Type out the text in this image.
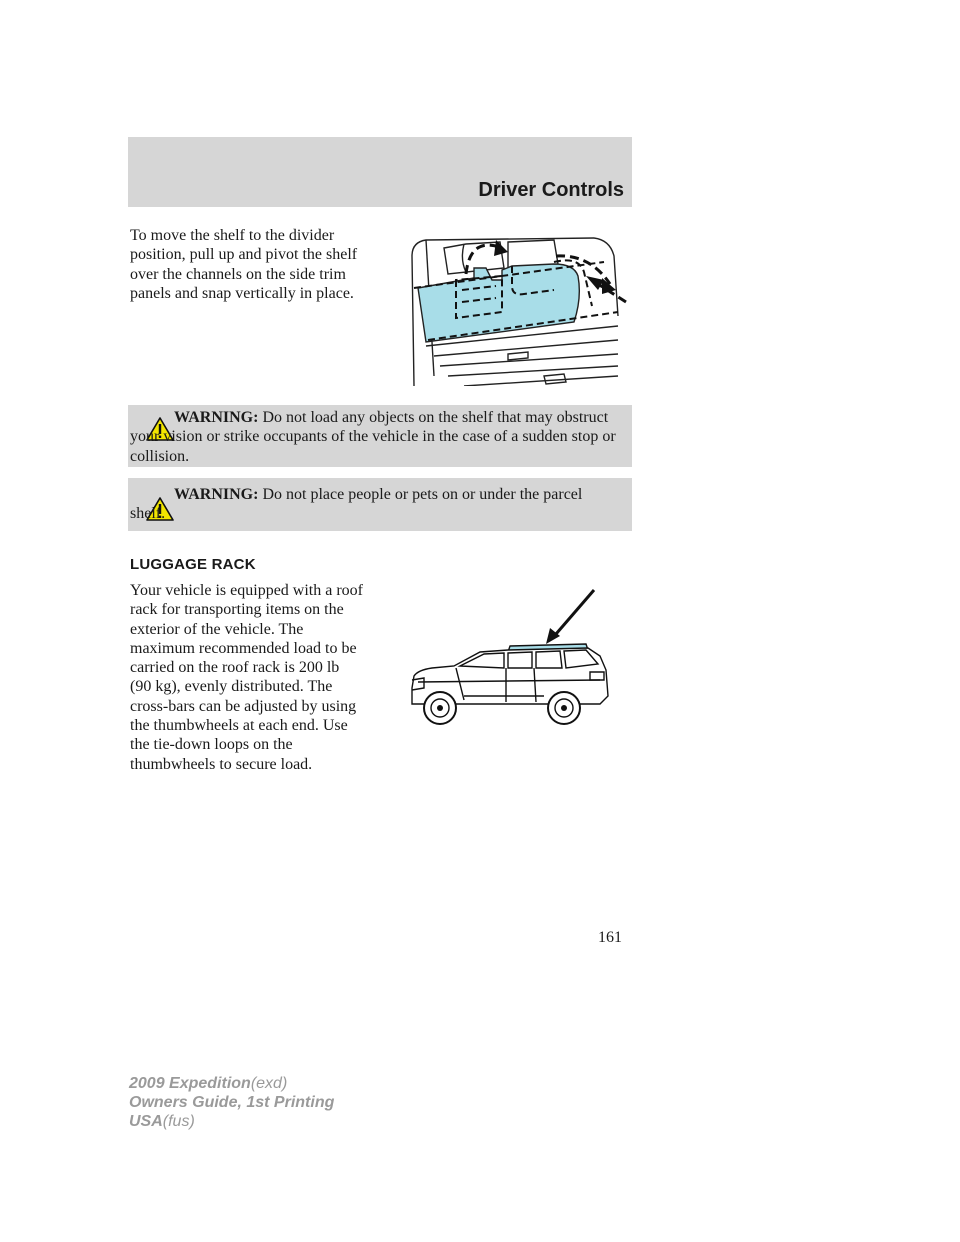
Driver Controls

To move the shelf to the divider
position, pull up and pivot the shelf
over the channels on the side trim
panels and snap vertically in place.

WARNING: Do not load any objects on the shelf that may obstruct your vision or strike occupants of the vehicle in the case of a sudden stop or collision.

WARNING: Do not place people or pets on or under the parcel shelf.

LUGGAGE RACK

Your vehicle is equipped with a roof
rack for transporting items on the
exterior of the vehicle. The
maximum recommended load to be
carried on the roof rack is 200 lb
(90 kg), evenly distributed. The
cross-bars can be adjusted by using
the thumbwheels at each end. Use
the tie-down loops on the
thumbwheels to secure load.

161
2009 Expedition(exd)
Owners Guide, 1st Printing
USA(fus)
